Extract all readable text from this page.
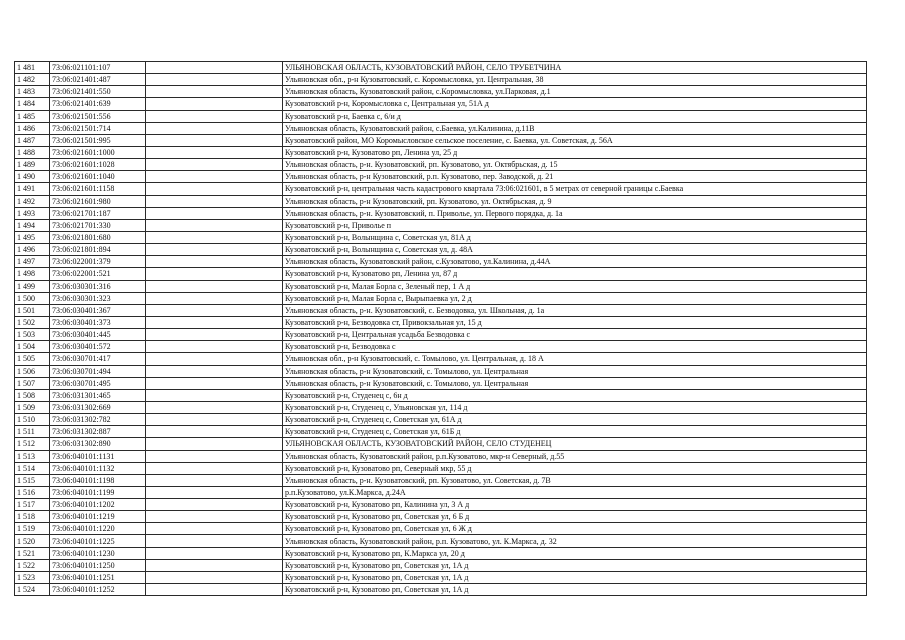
1 481	73:06:021101:107		УЛЬЯНОВСКАЯ ОБЛАСТЬ, КУЗОВАТОВСКИЙ РАЙОН, СЕЛО ТРУБЕТЧИНА
1 482	73:06:021401:487		Ульяновская обл., р-н Кузоватовский, с. Коромысловка, ул. Центральная, 38
1 483	73:06:021401:550		Ульяновская область, Кузоватовский район, с.Коромысловка, ул.Парковая, д.1
1 484	73:06:021401:639		Кузоватовский р-н, Коромысловка с, Центральная ул, 51А д
1 485	73:06:021501:556		Кузоватовский р-н, Баевка с, 6/и д
1 486	73:06:021501:714		Ульяновская область, Кузоватовский район, с.Баевка, ул.Калинина, д.11В
1 487	73:06:021501:995		Кузоватовский район, МО Коромысловское сельское поселение, с. Баевка, ул. Советская, д. 56А
1 488	73:06:021601:1000		Кузоватовский р-н, Кузоватово рп, Ленина ул, 25 д
1 489	73:06:021601:1028		Ульяновская область, р-н. Кузоватовский, рп. Кузоватово, ул. Октябрьская, д. 15
1 490	73:06:021601:1040		Ульяновская область, р-н Кузоватовский, р.п. Кузоватово, пер. Заводской, д. 21
1 491	73:06:021601:1158		Кузоватовский р-н, центральная часть кадастрового квартала 73:06:021601, в 5 метрах от северной границы с.Баевка
1 492	73:06:021601:980		Ульяновская область, р-н Кузоватовский, рп. Кузоватово, ул. Октябрьская, д. 9
1 493	73:06:021701:187		Ульяновская область, р-н. Кузоватовский, п. Приволье, ул. Первого порядка, д. 1а
1 494	73:06:021701:330		Кузоватовский р-н, Приволье п
1 495	73:06:021801:680		Кузоватовский р-н, Волынщина с, Советская ул, 81А д
1 496	73:06:021801:894		Кузоватовский р-н, Волынщина с, Советская ул, д. 48А
1 497	73:06:022001:379		Ульяновская область, Кузоватовский район, с.Кузоватово, ул.Калинина, д.44А
1 498	73:06:022001:521		Кузоватовский р-н, Кузоватово рп, Ленина ул, 87 д
1 499	73:06:030301:316		Кузоватовский р-н, Малая Борла с, Зеленый пер, 1 А д
1 500	73:06:030301:323		Кузоватовский р-н, Малая Борла с, Вырыпаевка ул, 2 д
1 501	73:06:030401:367		Ульяновская область, р-н. Кузоватовский, с. Безводовка, ул. Школьная, д. 1а
1 502	73:06:030401:373		Кузоватовский р-н, Безводовка ст, Привокзальная ул, 15 д
1 503	73:06:030401:445		Кузоватовский р-н, Центральная усадьба Безводовка с
1 504	73:06:030401:572		Кузоватовский р-н, Безводовка с
1 505	73:06:030701:417		Ульяновская обл., р-н Кузоватовский, с. Томылово, ул. Центральная, д. 18 А
1 506	73:06:030701:494		Ульяновская область, р-н Кузоватовский, с. Томылово, ул. Центральная
1 507	73:06:030701:495		Ульяновская область, р-н Кузоватовский, с. Томылово, ул. Центральная
1 508	73:06:031301:465		Кузоватовский р-н, Студенец с, 6н д
1 509	73:06:031302:669		Кузоватовский р-н, Студенец с, Ульяновская ул, 114 д
1 510	73:06:031302:782		Кузоватовский р-н, Студенец с, Советская ул, 61А д
1 511	73:06:031302:887		Кузоватовский р-н, Студенец с, Советская ул, 61Б д
1 512	73:06:031302:890		УЛЬЯНОВСКАЯ ОБЛАСТЬ, КУЗОВАТОВСКИЙ РАЙОН, СЕЛО СТУДЕНЕЦ
1 513	73:06:040101:1131		Ульяновская область, Кузоватовский район, р.п.Кузоватово, мкр-н Северный, д.55
1 514	73:06:040101:1132		Кузоватовский р-н, Кузоватово рп, Северный мкр, 55 д
1 515	73:06:040101:1198		Ульяновская область, р-н. Кузоватовский, рп. Кузоватово, ул. Советская, д. 7В
1 516	73:06:040101:1199		р.п.Кузоватово, ул.К.Маркса, д.24А
1 517	73:06:040101:1202		Кузоватовский р-н, Кузоватово рп, Калинина ул, 3 А д
1 518	73:06:040101:1219		Кузоватовский р-н, Кузоватово рп, Советская ул, 6 Б д
1 519	73:06:040101:1220		Кузоватовский р-н, Кузоватово рп, Советская ул, 6 Ж д
1 520	73:06:040101:1225		Ульяновская область, Кузоватовский район, р.п. Кузоватово, ул. К.Маркса, д. 32
1 521	73:06:040101:1230		Кузоватовский р-н, Кузоватово рп, К.Маркса ул, 20 д
1 522	73:06:040101:1250		Кузоватовский р-н, Кузоватово рп, Советская ул, 1А д
1 523	73:06:040101:1251		Кузоватовский р-н, Кузоватово рп, Советская ул, 1А д
1 524	73:06:040101:1252		Кузоватовский р-н, Кузоватово рп, Советская ул, 1А д
